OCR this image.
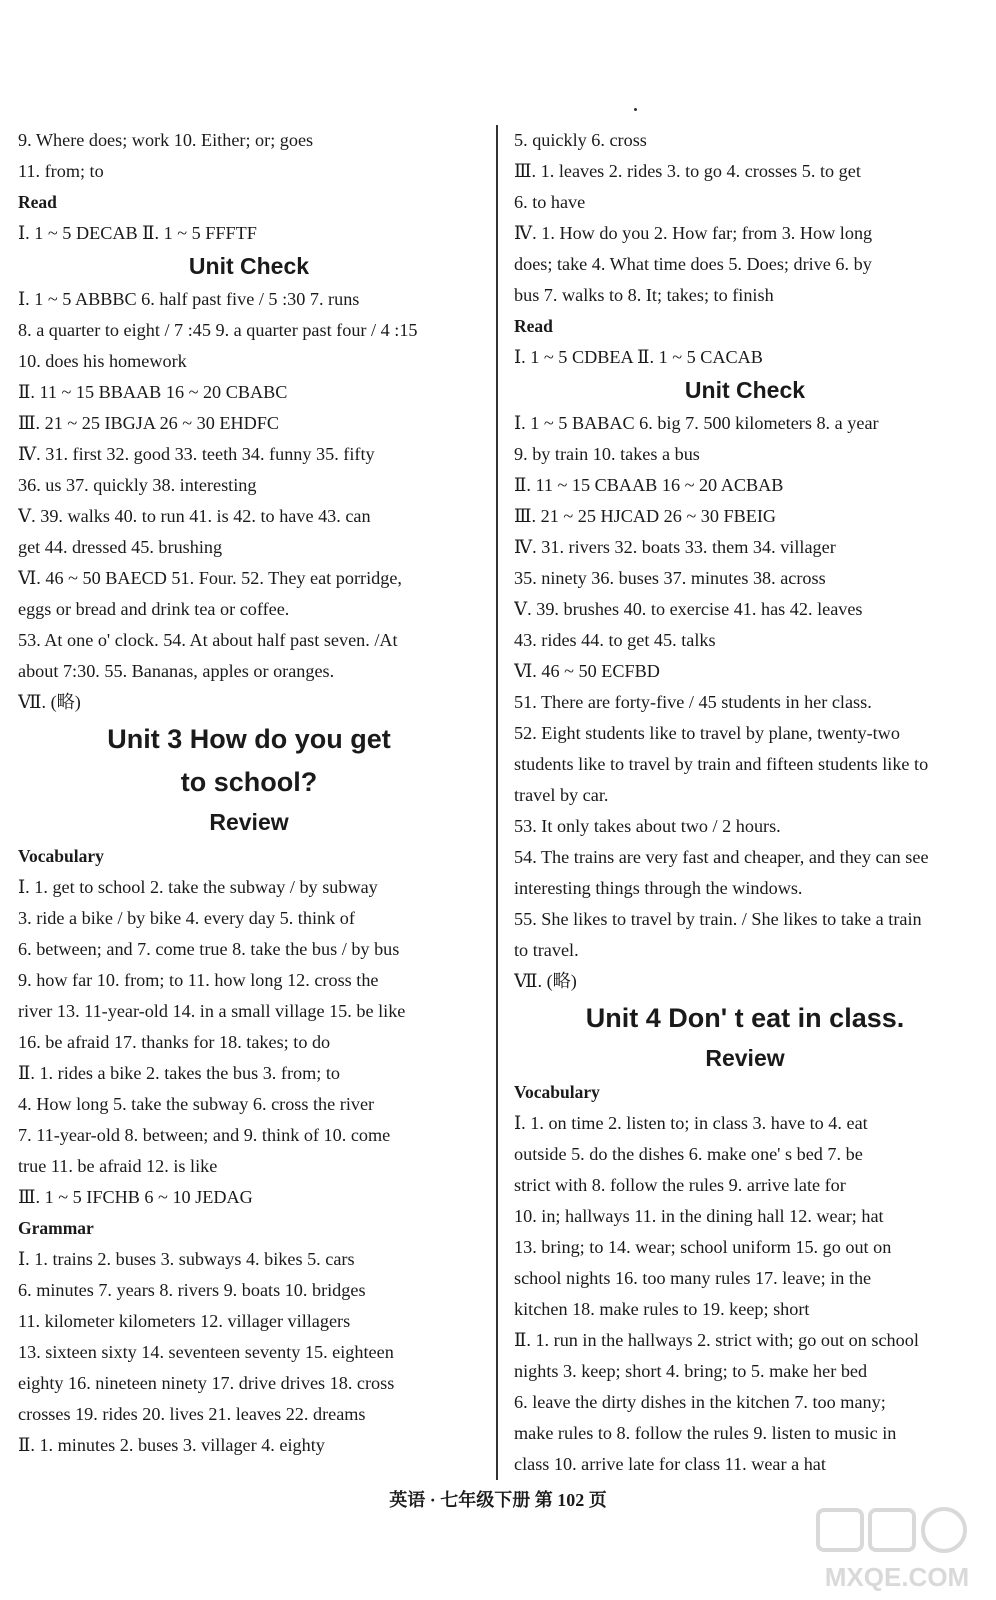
9. Where does; work 10. Either; or; goes
11. from; to
Read
Ⅰ. 1 ~ 5 DECAB Ⅱ. 1 ~ 5 FFFTF
Unit Check
Ⅰ. 1 ~ 5 ABBBC 6. half past five / 5 :30 7. runs
8. a quarter to eight / 7 :45 9. a quarter past four / 4 :15
10. does his homework
Ⅱ. 11 ~ 15 BBAAB 16 ~ 20 CBABC
Ⅲ. 21 ~ 25 IBGJA 26 ~ 30 EHDFC
Ⅳ. 31. first 32. good 33. teeth 34. funny 35. fifty
36. us 37. quickly 38. interesting
Ⅴ. 39. walks 40. to run 41. is 42. to have 43. can
get 44. dressed 45. brushing
Ⅵ. 46 ~ 50 BAECD 51. Four. 52. They eat porridge,
eggs or bread and drink tea or coffee.
53. At one o' clock. 54. At about half past seven. /At
about 7:30. 55. Bananas, apples or oranges.
Ⅶ. (略)
Unit 3 How do you get
to school?
Review
Vocabulary
Ⅰ. 1. get to school 2. take the subway / by subway
3. ride a bike / by bike 4. every day 5. think of
6. between; and 7. come true 8. take the bus / by bus
9. how far 10. from; to 11. how long 12. cross the
river 13. 11-year-old 14. in a small village 15. be like
16. be afraid 17. thanks for 18. takes; to do
Ⅱ. 1. rides a bike 2. takes the bus 3. from; to
4. How long 5. take the subway 6. cross the river
7. 11-year-old 8. between; and 9. think of 10. come
true 11. be afraid 12. is like
Ⅲ. 1 ~ 5 IFCHB 6 ~ 10 JEDAG
Grammar
Ⅰ. 1. trains 2. buses 3. subways 4. bikes 5. cars
6. minutes 7. years 8. rivers 9. boats 10. bridges
11. kilometer kilometers 12. villager villagers
13. sixteen sixty 14. seventeen seventy 15. eighteen
eighty 16. nineteen ninety 17. drive drives 18. cross
crosses 19. rides 20. lives 21. leaves 22. dreams
Ⅱ. 1. minutes 2. buses 3. villager 4. eighty
5. quickly 6. cross
Ⅲ. 1. leaves 2. rides 3. to go 4. crosses 5. to get
6. to have
Ⅳ. 1. How do you 2. How far; from 3. How long
does; take 4. What time does 5. Does; drive 6. by
bus 7. walks to 8. It; takes; to finish
Read
Ⅰ. 1 ~ 5 CDBEA Ⅱ. 1 ~ 5 CACAB
Unit Check
Ⅰ. 1 ~ 5 BABAC 6. big 7. 500 kilometers 8. a year
9. by train 10. takes a bus
Ⅱ. 11 ~ 15 CBAAB 16 ~ 20 ACBAB
Ⅲ. 21 ~ 25 HJCAD 26 ~ 30 FBEIG
Ⅳ. 31. rivers 32. boats 33. them 34. villager
35. ninety 36. buses 37. minutes 38. across
Ⅴ. 39. brushes 40. to exercise 41. has 42. leaves
43. rides 44. to get 45. talks
Ⅵ. 46 ~ 50 ECFBD
51. There are forty-five / 45 students in her class.
52. Eight students like to travel by plane, twenty-two
students like to travel by train and fifteen students like to
travel by car.
53. It only takes about two / 2 hours.
54. The trains are very fast and cheaper, and they can see
interesting things through the windows.
55. She likes to travel by train. / She likes to take a train
to travel.
Ⅶ. (略)
Unit 4 Don' t eat in class.
Review
Vocabulary
Ⅰ. 1. on time 2. listen to; in class 3. have to 4. eat
outside 5. do the dishes 6. make one' s bed 7. be
strict with 8. follow the rules 9. arrive late for
10. in; hallways 11. in the dining hall 12. wear; hat
13. bring; to 14. wear; school uniform 15. go out on
school nights 16. too many rules 17. leave; in the
kitchen 18. make rules to 19. keep; short
Ⅱ. 1. run in the hallways 2. strict with; go out on school
nights 3. keep; short 4. bring; to 5. make her bed
6. leave the dirty dishes in the kitchen 7. too many;
make rules to 8. follow the rules 9. listen to music in
class 10. arrive late for class 11. wear a hat
英语 · 七年级下册 第 102 页
MXQE.COM
